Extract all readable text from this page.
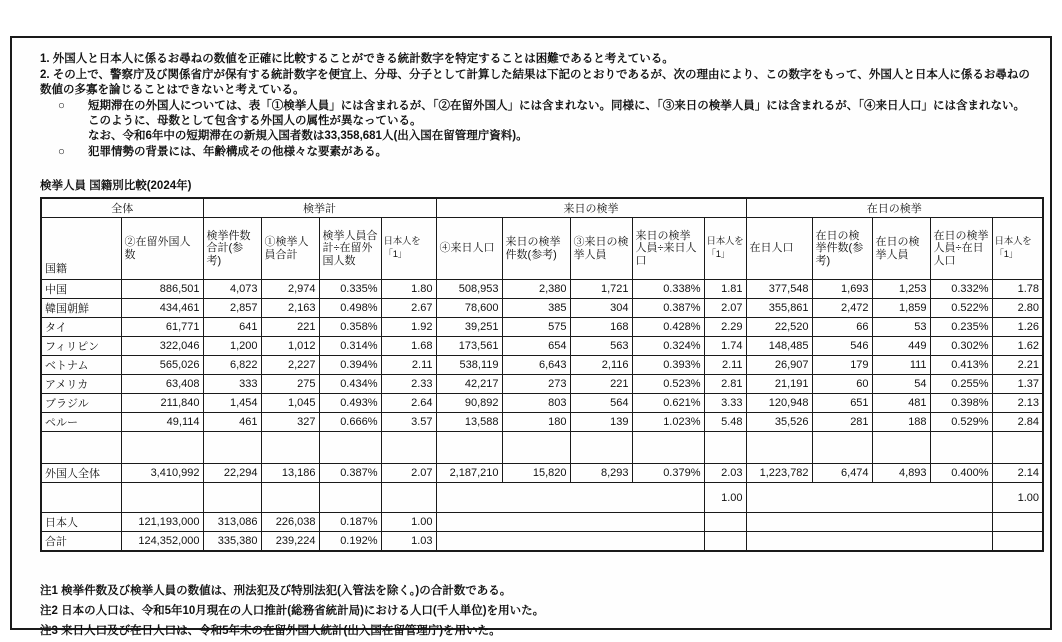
1. 外国人と日本人に係るお尋ねの数値を正確に比較することができる統計数字を特定することは困難であると考えている。
2. その上で、警察庁及び関係省庁が保有する統計数字を便宜上、分母、分子として計算した結果は下記のとおりであるが、次の理由により、この数字をもって、外国人と日本人に係るお尋ねの数値の多寡を論じることはできないと考えている。
○	短期滞在の外国人については、表「①検挙人員」には含まれるが、「②在留外国人」には含まれない。同様に、「③来日の検挙人員」には含まれるが、「④来日人口」には含まれない。
このように、母数として包含する外国人の属性が異なっている。
なお、令和6年中の短期滞在の新規入国者数は33,358,681人(出入国在留管理庁資料)。
○	犯罪情勢の背景には、年齢構成その他様々な要素がある。
検挙人員 国籍別比較(2024年)
全体		検挙計				来日の検挙					在日の検挙				
国籍	②在留外国人数	検挙件数合計(参考)	①検挙人員合計	検挙人員合計÷在留外国人数	日本人を「1」	④来日人口	来日の検挙件数(参考)	③来日の検挙人員	来日の検挙人員÷来日人口	日本人を「1」	在日人口	在日の検挙件数(参考)	在日の検挙人員	在日の検挙人員÷在日人口	日本人を「1」
中国	886,501	4,073	2,974	0.335%	1.80	508,953	2,380	1,721	0.338%	1.81	377,548	1,693	1,253	0.332%	1.78
韓国朝鮮	434,461	2,857	2,163	0.498%	2.67	78,600	385	304	0.387%	2.07	355,861	2,472	1,859	0.522%	2.80
タイ	61,771	641	221	0.358%	1.92	39,251	575	168	0.428%	2.29	22,520	66	53	0.235%	1.26
フィリピン	322,046	1,200	1,012	0.314%	1.68	173,561	654	563	0.324%	1.74	148,485	546	449	0.302%	1.62
ベトナム	565,026	6,822	2,227	0.394%	2.11	538,119	6,643	2,116	0.393%	2.11	26,907	179	111	0.413%	2.21
アメリカ	63,408	333	275	0.434%	2.33	42,217	273	221	0.523%	2.81	21,191	60	54	0.255%	1.37
ブラジル	211,840	1,454	1,045	0.493%	2.64	90,892	803	564	0.621%	3.33	120,948	651	481	0.398%	2.13
ペルー	49,114	461	327	0.666%	3.57	13,588	180	139	1.023%	5.48	35,526	281	188	0.529%	2.84

外国人全体	3,410,992	22,294	13,186	0.387%	2.07	2,187,210	15,820	8,293	0.379%	2.03	1,223,782	6,474	4,893	0.400%	2.14
										1.00					1.00
日本人	121,193,000	313,086	226,038	0.187%	1.00										
合計	124,352,000	335,380	239,224	0.192%	1.03										
注1 検挙件数及び検挙人員の数値は、刑法犯及び特別法犯(入管法を除く。)の合計数である。
注2 日本の人口は、令和5年10月現在の人口推計(総務省統計局)における人口(千人単位)を用いた。
注3 来日人口及び在日人口は、令和5年末の在留外国人統計(出入国在留管理庁)を用いた。
